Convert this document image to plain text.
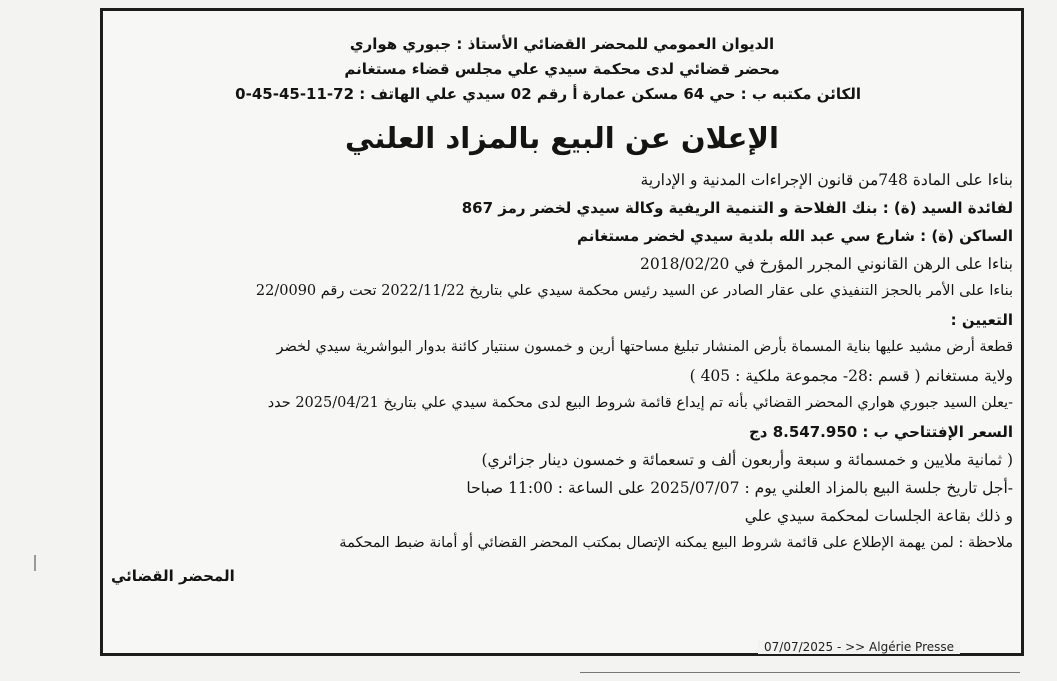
الديوان العمومي للمحضر القضائي الأستاذ : جبوري هواري
محضر قضائي لدى محكمة سيدي علي مجلس قضاء مستغانم
الكائن مكتبه ب : حي 64 مسكن عمارة أ رقم 02 سيدي علي الهاتف : 72-11-45-45-0
الإعلان عن البيع بالمزاد العلني
بناءا على المادة 748من قانون الإجراءات المدنية و الإدارية
لفائدة السيد (ة) : بنك الفلاحة و التنمية الريفية وكالة سيدي لخضر رمز 867
الساكن (ة) : شارع سي عبد الله بلدية سيدي لخضر مستغانم
بناءا على الرهن القانوني المجرر المؤرخ في 2018/02/20
بناءا على الأمر بالحجز التنفيذي على عقار الصادر عن السيد رئيس محكمة سيدي علي بتاريخ 2022/11/22 تحت رقم 22/0090
التعيين :
قطعة أرض مشيد عليها بناية المسماة بأرض المنشار تبليغ مساحتها أرين و خمسون سنتيار كائنة بدوار البواشرية سيدي لخضر
ولاية مستغانم ( قسم :28- مجموعة ملكية : 405 )
-يعلن السيد جبوري هواري المحضر القضائي بأنه تم إيداع قائمة شروط البيع لدى محكمة سيدي علي بتاريخ 2025/04/21 حدد
السعر الإفتتاحي ب : 8.547.950 دج
( ثمانية ملايين و خمسمائة و سبعة وأربعون ألف و تسعمائة و خمسون دينار جزائري)
-أجل تاريخ جلسة البيع بالمزاد العلني يوم : 2025/07/07 على الساعة : 11:00 صباحا
و ذلك بقاعة الجلسات لمحكمة سيدي علي
ملاحظة : لمن يهمة الإطلاع على قائمة شروط البيع يمكنه الإتصال بمكتب المحضر القضائي أو أمانة ضبط المحكمة
المحضر القضائي
07/07/2025 - >> Algérie Presse
